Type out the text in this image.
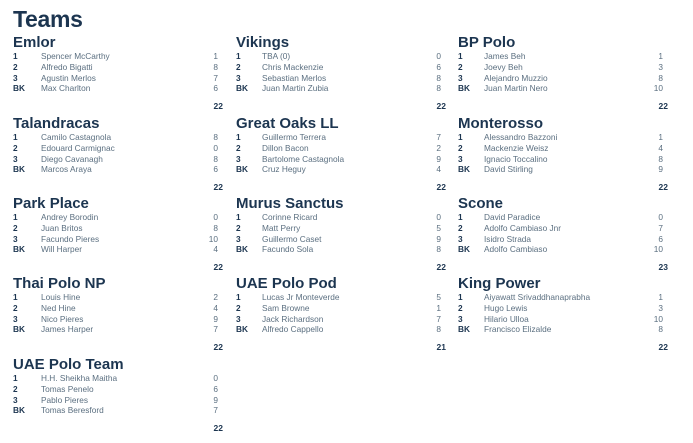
Teams
Emlor
1	Spencer McCarthy	1
2	Alfredo Bigatti	8
3	Agustin Merlos	7
BK Max Charlton	6
22
Vikings
1	TBA (0)	0
2	Chris Mackenzie	6
3	Sebastian Merlos	8
BK Juan Martin Zubia	8
22
BP Polo
1	James Beh	1
2	Joevy Beh	3
3	Alejandro Muzzio	8
BK Juan Martin Nero	10
22
Talandracas
1	Camilo Castagnola	8
2	Edouard Carmignac	0
3	Diego Cavanagh	8
BK Marcos Araya	6
22
Great Oaks LL
1	Guillermo Terrera	7
2	Dillon Bacon	2
3	Bartolome Castagnola	9
BK Cruz Heguy	4
22
Monterosso
1	Alessandro Bazzoni	1
2	Mackenzie Weisz	4
3	Ignacio Toccalino	8
BK David Stirling	9
22
Park Place
1	Andrey Borodin	0
2	Juan Britos	8
3	Facundo Pieres	10
BK Will Harper	4
22
Murus Sanctus
1	Corinne Ricard	0
2	Matt Perry	5
3	Guillermo Caset	9
BK Facundo Sola	8
22
Scone
1	David Paradice	0
2	Adolfo Cambiaso Jnr	7
3	Isidro Strada	6
BK Adolfo Cambiaso	10
23
Thai Polo NP
1	Louis Hine	2
2	Ned Hine	4
3	Nico Pieres	9
BK James Harper	7
22
UAE Polo Pod
1	Lucas Jr Monteverde	5
2	Sam Browne	1
3	Jack Richardson	7
BK Alfredo Cappello	8
21
King Power
1	Aiyawatt Srivaddhanaprabha	1
2	Hugo Lewis	3
3	Hilario Ulloa	10
BK Francisco Elizalde	8
22
UAE Polo Team
1	H.H. Sheikha Maitha	0
2	Tomas Penelo	6
3	Pablo Pieres	9
BK Tomas Beresford	7
22
